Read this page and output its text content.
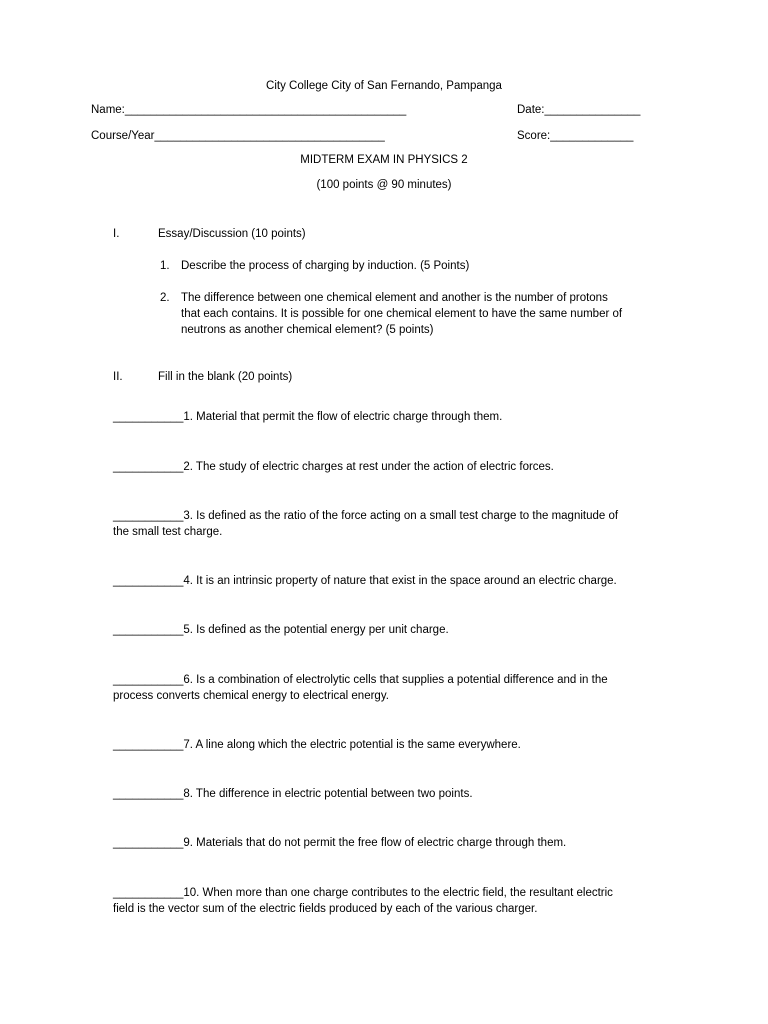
City College City of San Fernando, Pampanga
Name:____________________________________________	Date:_______________
Course/Year____________________________________	Score:_____________
MIDTERM EXAM IN PHYSICS 2
(100 points @ 90 minutes)
I.	Essay/Discussion (10 points)
1. Describe the process of charging by induction. (5 Points)
2. The difference between one chemical element and another is the number of protons
that each contains. It is possible for one chemical element to have the same number of
neutrons as another chemical element? (5 points)
II.	Fill in the blank (20 points)
___________1. Material that permit the flow of electric charge through them.
___________2. The study of electric charges at rest under the action of electric forces.
___________3. Is defined as the ratio of the force acting on a small test charge to the magnitude of
the small test charge.
___________4. It is an intrinsic property of nature that exist in the space around an electric charge.
___________5. Is defined as the potential energy per unit charge.
___________6. Is a combination of electrolytic cells that supplies a potential difference and in the
process converts chemical energy to electrical energy.
___________7. A line along which the electric potential is the same everywhere.
___________8. The difference in electric potential between two points.
___________9. Materials that do not permit the free flow of electric charge through them.
___________10. When more than one charge contributes to the electric field, the resultant electric
field is the vector sum of the electric fields produced by each of the various charger.
